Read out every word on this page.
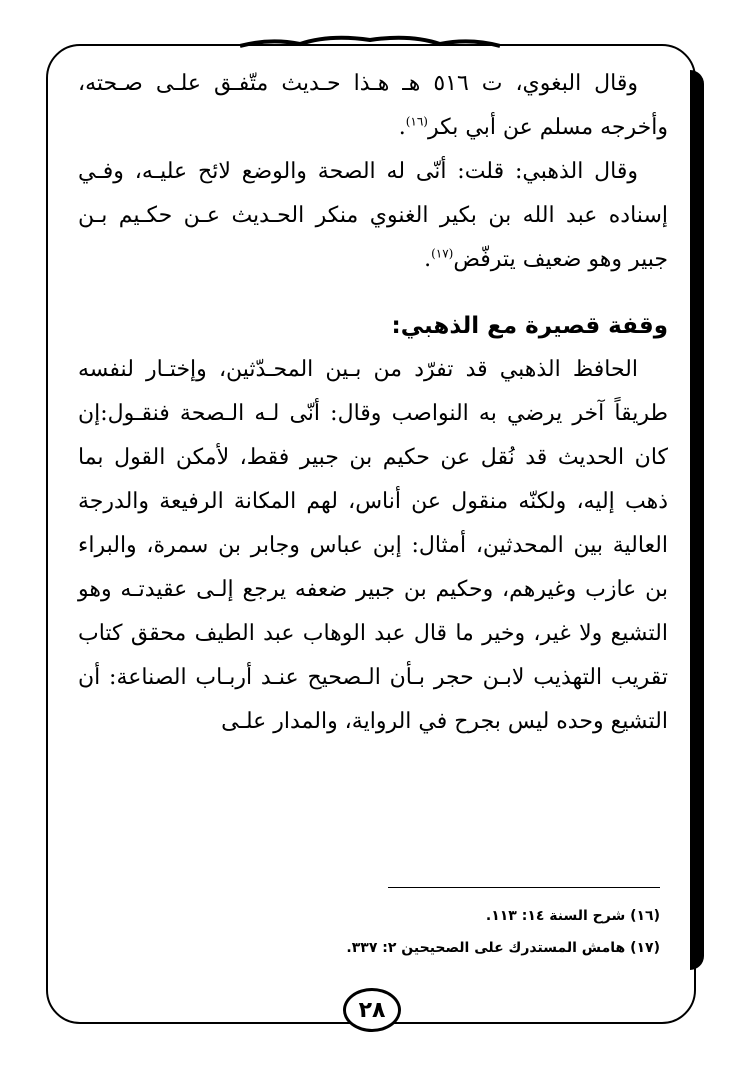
وقال البغوي، ت ٥١٦ هـ هـذا حـديث متّفـق علـى صـحته، وأخرجه مسلم عن أبي بكر$^{(١٦)}$.

وقال الذهبي: قلت: أنّى له الصحة والوضع لائح عليـه، وفـي إسناده عبد الله بن بكير الغنوي منكر الحـديث عـن حكـيم بـن جبير وهو ضعيف يترفّض$^{(١٧)}$.

وقفة قصيرة مع الذهبي:

الحافظ الذهبي قد تفرّد من بـين المحـدّثين، وإختـار لنفسه طريقاً آخر يرضي به النواصب وقال: أنّى لـه الـصحة فنقـول:إن كان الحديث قد نُقل عن حكيم بن جبير فقط، لأمكن القول بما ذهب إليه، ولكنّه منقول عن أناس، لهم المكانة الرفيعة والدرجة العالية بين المحدثين، أمثال: إبن عباس وجابر بن سمرة، والبراء بن عازب وغيرهم، وحكيم بن جبير ضعفه يرجع إلـى عقيدتـه وهو التشيع ولا غير، وخير ما قال عبد الوهاب عبد الطيف محقق كتاب تقريب التهذيب لابـن حجر بـأن الـصحيح عنـد أربـاب الصناعة: أن التشيع وحده ليس بجرح في الرواية، والمدار علـى

(١٦) شرح السنة ١٤: ١١٣.
(١٧) هامش المستدرك على الصحيحين ٢: ٣٣٧.
٢٨
